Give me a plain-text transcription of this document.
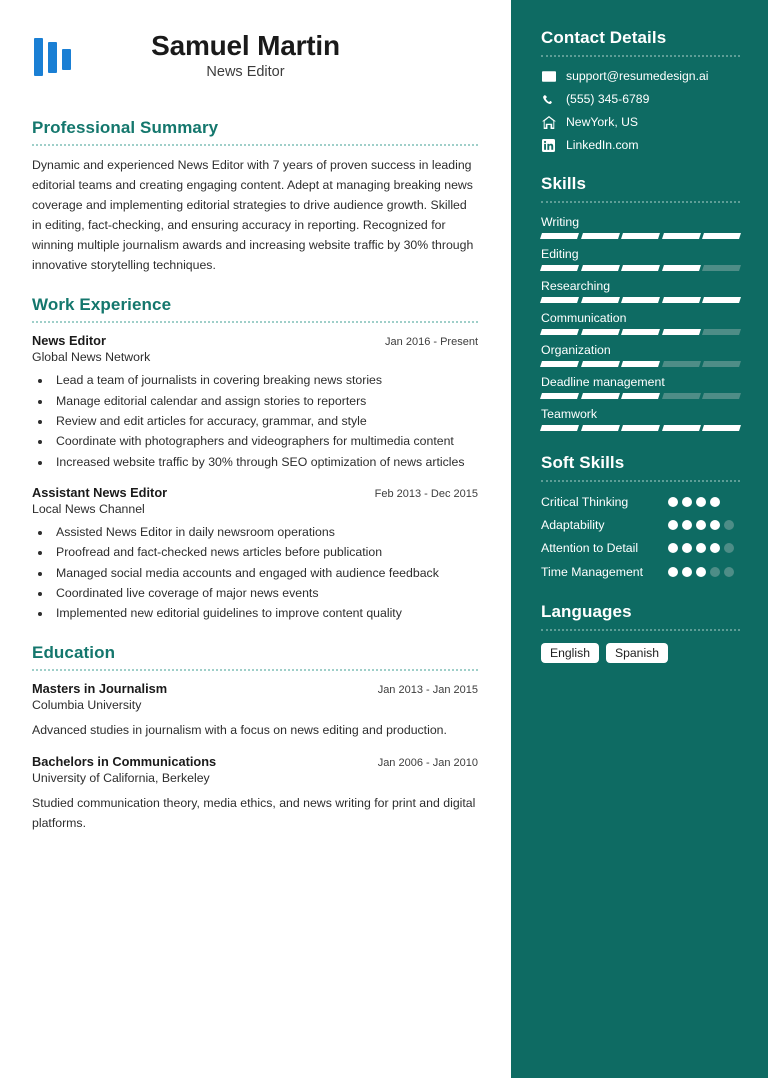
Samuel Martin
News Editor
Professional Summary
Dynamic and experienced News Editor with 7 years of proven success in leading editorial teams and creating engaging content. Adept at managing breaking news coverage and implementing editorial strategies to drive audience growth. Skilled in editing, fact-checking, and ensuring accuracy in reporting. Recognized for winning multiple journalism awards and increasing website traffic by 30% through innovative storytelling techniques.
Work Experience
News Editor	Jan 2016 - Present
Global News Network
• Lead a team of journalists in covering breaking news stories
• Manage editorial calendar and assign stories to reporters
• Review and edit articles for accuracy, grammar, and style
• Coordinate with photographers and videographers for multimedia content
• Increased website traffic by 30% through SEO optimization of news articles
Assistant News Editor	Feb 2013 - Dec 2015
Local News Channel
• Assisted News Editor in daily newsroom operations
• Proofread and fact-checked news articles before publication
• Managed social media accounts and engaged with audience feedback
• Coordinated live coverage of major news events
• Implemented new editorial guidelines to improve content quality
Education
Masters in Journalism	Jan 2013 - Jan 2015
Columbia University
Advanced studies in journalism with a focus on news editing and production.
Bachelors in Communications	Jan 2006 - Jan 2010
University of California, Berkeley
Studied communication theory, media ethics, and news writing for print and digital platforms.
Contact Details
support@resumedesign.ai
(555) 345-6789
NewYork, US
LinkedIn.com
Skills
Writing
Editing
Researching
Communication
Organization
Deadline management
Teamwork
Soft Skills
Critical Thinking
Adaptability
Attention to Detail
Time Management
Languages
English	Spanish
